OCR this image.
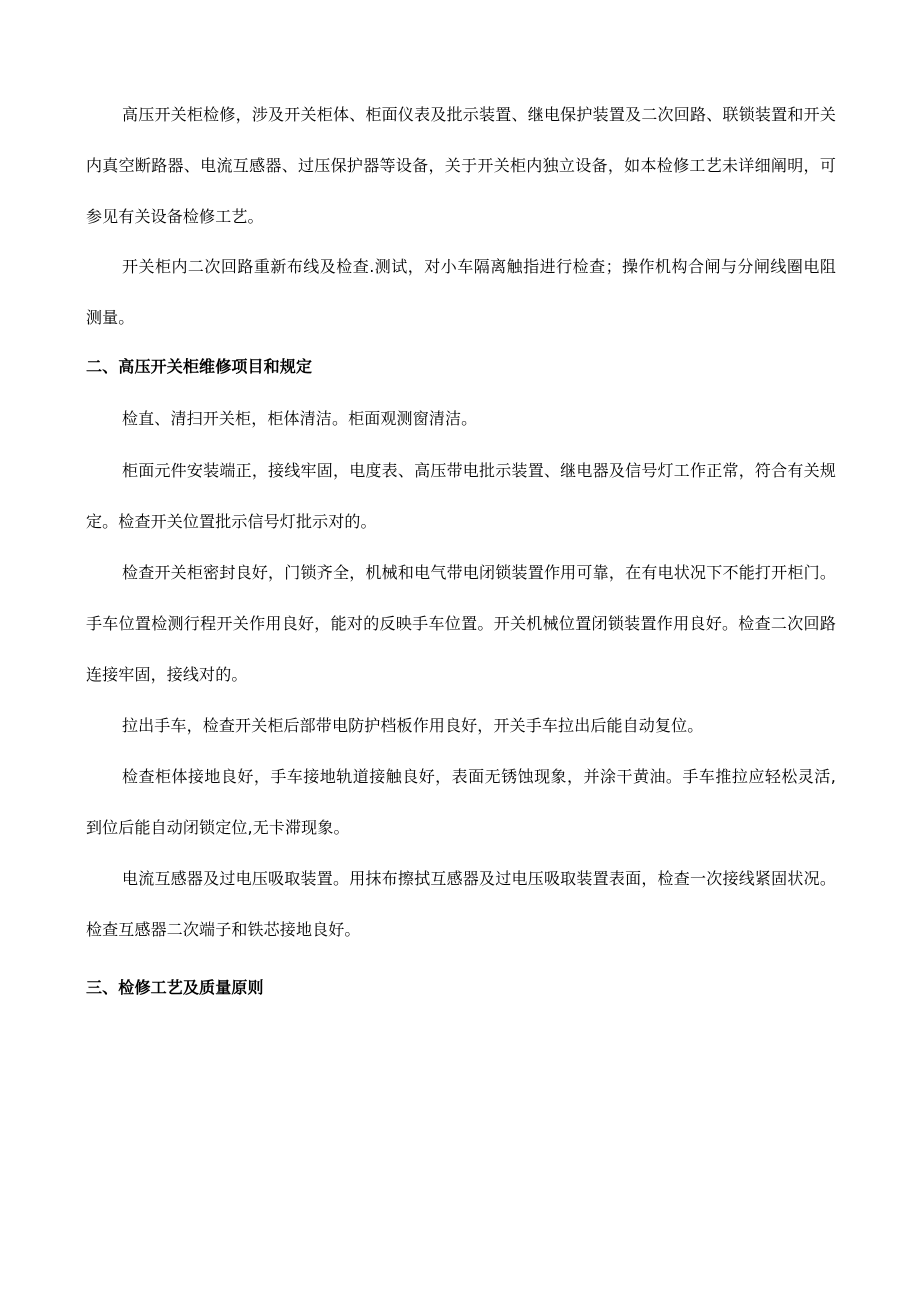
高压开关柜检修，涉及开关柜体、柜面仪表及批示装置、继电保护装置及二次回路、联锁装置和开关内真空断路器、电流互感器、过压保护器等设备，关于开关柜内独立设备，如本检修工艺未详细阐明，可参见有关设备检修工艺。

开关柜内二次回路重新布线及检查.测试，对小车隔离触指进行检查；操作机构合闸与分闸线圈电阻测量。

二、高压开关柜维修项目和规定

检直、清扫开关柜，柜体清洁。柜面观测窗清洁。

柜面元件安装端正，接线牢固，电度表、高压带电批示装置、继电器及信号灯工作正常，符合有关规定。检查开关位置批示信号灯批示对的。

检查开关柜密封良好，门锁齐全，机械和电气带电闭锁装置作用可靠，在有电状况下不能打开柜门。手车位置检测行程开关作用良好，能对的反映手车位置。开关机械位置闭锁装置作用良好。检查二次回路连接牢固，接线对的。

拉出手车，检查开关柜后部带电防护档板作用良好，开关手车拉出后能自动复位。

检查柜体接地良好，手车接地轨道接触良好，表面无锈蚀现象，并涂干黄油。手车推拉应轻松灵活,到位后能自动闭锁定位,无卡滞现象。

电流互感器及过电压吸取装置。用抹布擦拭互感器及过电压吸取装置表面，检查一次接线紧固状况。检查互感器二次端子和铁芯接地良好。

三、检修工艺及质量原则
